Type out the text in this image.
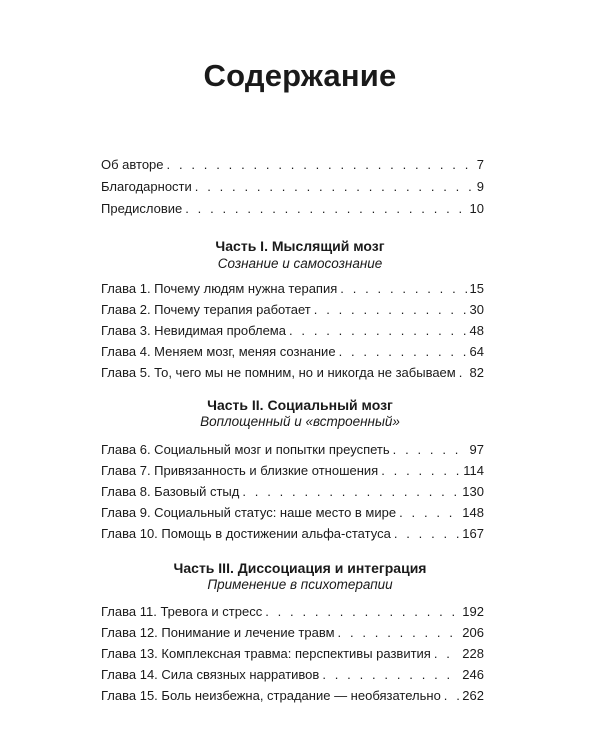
Содержание
Об авторе . . .	7
Благодарности . . .	9
Предисловие . . .	10
Часть I. Мыслящий мозг
Сознание и самосознание
Глава 1. Почему людям нужна терапия . . .	15
Глава 2. Почему терапия работает . . .	30
Глава 3. Невидимая проблема . . .	48
Глава 4. Меняем мозг, меняя сознание . . .	64
Глава 5. То, чего мы не помним, но и никогда не забываем . . . 82
Часть II. Социальный мозг
Воплощенный и «встроенный»
Глава 6. Социальный мозг и попытки преуспеть . . .	97
Глава 7. Привязанность и близкие отношения . . .	114
Глава 8. Базовый стыд . . .	130
Глава 9. Социальный статус: наше место в мире . . .	148
Глава 10. Помощь в достижении альфа-статуса . . .	167
Часть III. Диссоциация и интеграция
Применение в психотерапии
Глава 11. Тревога и стресс . . .	192
Глава 12. Понимание и лечение травм . . .	206
Глава 13. Комплексная травма: перспективы развития . . . 228
Глава 14. Сила связных нарративов . . .	246
Глава 15. Боль неизбежна, страдание — необязательно . . . 262
